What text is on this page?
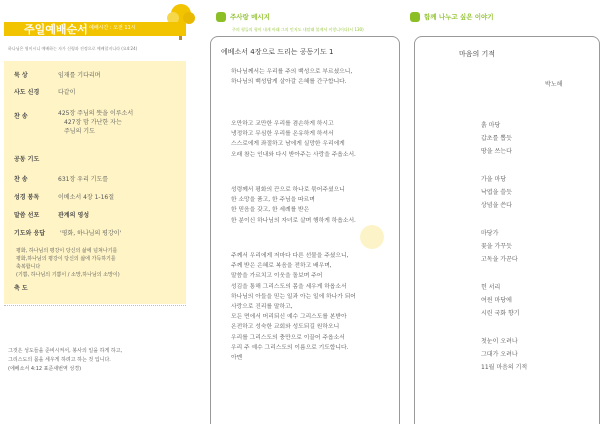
주일예배순서 예배시간 : 오전 11시
하나님은 영이시니 예배하는 자가 신령과 진정으로 예배할지니라 (요4:24)
묵 상	임재를 기다리며
사도 신경	다같이
찬 송	425장 주님의 뜻을 이루소서
427장 맘 가난한 자는
주님의 기도
공동 기도
찬 송	631장 우리 기도를
성경 봉독	이베소서 4장 1-16절
말씀 선포	관계의 영성
기도와 응답 '평화, 하나님의 평강이'
평화, 하나님의 평강이 당신의 삶에 넘쳐나기를
평화,하나님의 평강이 당신의 삶에 가득하기를
축복합니다
(기쁨, 하나님의 기쁨이 / 소망,하나님의 소망이)
축 도
그것은 성도들을 준비시켜서, 봉사의 일을 하게 하고,
그리스도의 몸을 세우게 하려고 하는 것 입니다.
(에베소서 4:12 표준새번역 성경)
주사랑 메시지
주의 형들의 형이 내게 아래 그의 민지도 내말래 볼게서 이렇니이다(시 130)
에베소서 4장으로 드리는 공동기도 1
하나님께서는 우리를 주의 백성으로 부르셨으니,
하나님의 백성답게 살아갈 은혜를 간구합니다.
오만하고 교만한 우리를 겸손하게 하시고
냉정하고 무심한 우리를 온유하게 하셔서
스스로에게 좌절하고 남에게 실망한 우리에게
오래 참는 인내와 다시 받아주는 사랑을 주옵소서.
성령께서 평화의 끈으로 하나로 묶어주셨으니
한 소망을 품고, 한 주님을 따르며
한 믿음을 갖고, 한 세례를 받은
한 분이신 하나님의 자녀로 살며 행하게 하옵소서.
주께서 우리에게 저마다 다른 선물을 주셨으니,
주께 받은 은혜로 복음을 전하고 배우며,
말씀을 가르치고 이웃을 돌보며 주어
성김을 통해 그리스도의 몸을 세우게 하옵소서
하나님의 아들을 믿는 일과 아는 일에 하나가 되어
사랑으로 진리를 말하고,
모든 면에서 머리되신 예수 그리스도를 본받아
온전하고 성숙한 교회와 성도되길 원하오니
우리를 그리스도의 충만으로 이끌어 주옵소서
우리 주 예수 그리스도의 이름으로 기도합니다.
아멘
함께 나누고 싶은 이야기
마음의 기적
박노해
흙 마당
갑초를 뽑듯
땅을 쓰는다
가을 마당
낙엽을 쓸듯
상념을 쓴다
마당가
꽃을 가꾸듯
고독을 가꾼다
헌 서리
여윈 마당에
시린 국화 향기
첫눈이 오려나
그대가 오려나
11월 마음의 기적
